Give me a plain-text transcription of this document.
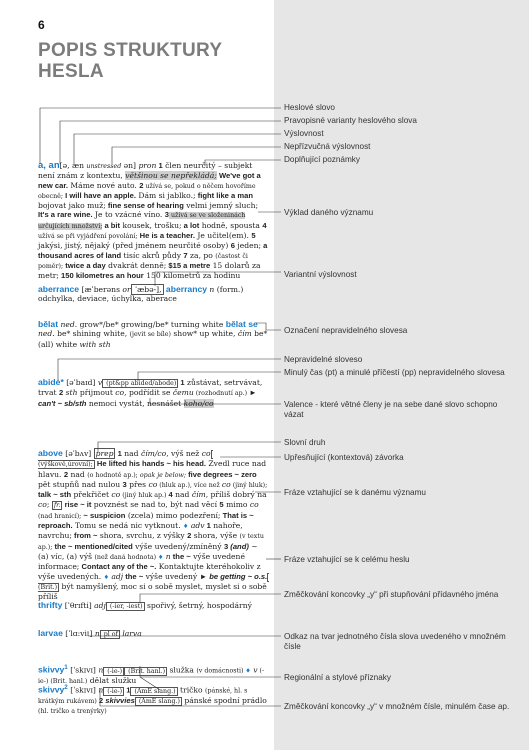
6
POPIS STRUKTURY
HESLA

a, an[ə, æn unstressed ən] pron 1 člen neurčitý – subjekt není znám z kontextu, většinou se nepřekládá; We've got a new car. Máme nové auto. 2 užívá se, pokud o něčem hovoříme obecně; I will have an apple. Dám si jablko.; fight like a man bojovat jako muž; fine sense of hearing velmi jemný sluch; It's a rare wine. Je to vzácné víno. 3 užívá se ve složeninách určujících množství; a bit kousek, trošku; a lot hodně, spousta 4 užívá se při vyjádření povolání; He is a teacher. Je učitel(em). 5 jakýsi, jistý, nějaký (před jménem neurčité osoby) 6 jeden; a thousand acres of land tisíc akrů půdy 7 za, po (častost či poměr); twice a day dvakrát denně; $15 a metre 15 dolarů za metr; 150 kilometres an hour 150 kilometrů za hodinu

aberrance [æˈberəns or ˈæbə-], aberrancy n (form.) odchylka, deviace, úchylka, aberace

bělat ned. grow*/be* growing/be* turning white bělat se ned. be* shining white, (jevit se bíle) show* up white, čím be* (all) white with sth

abide* [əˈbaɪd] v (pt&pp abided/abode) 1 zůstávat, setrvávat, trvat 2 sth přijmout co, podřídit se čemu (rozhodnutí ap.) ► can't ~ sb/sth nemoci vystát, nesnášet koho/co

above [əˈbʌv] prep 1 nad čím/co, výš než co (výškově,úrovní); He lifted his hands ~ his head. Zvedl ruce nad hlavu. 2 nad (o hodnotě ap.); opak je below; five degrees ~ zero pět stupňů nad nulou 3 přes co (hluk ap.), více než co (jiný hluk); talk ~ sth překřičet co (jiný hluk ap.) 4 nad čím, příliš dobrý na co; fr. rise ~ it povznést se nad to, být nad věcí 5 mimo co (nad hranicí); ~ suspicion (zcela) mimo podezření; That is ~ reproach. Tomu se nedá nic vytknout. ♦ adv 1 nahoře, navrchu; from ~ shora, svrchu, z výšky 2 shora, výše (v textu ap.); the ~ mentioned/cited výše uvedený/zmíněný 3 (and) ~ (a) víc, (a) výš (než daná hodnota) ♦ n the ~ výše uvedené informace; Contact any of the ~. Kontaktujte kteréhokoliv z výše uvedených. ♦ adj the ~ výše uvedený ► be getting ~ o.s. (Brit.) být namyšlený, moc si o sobě myslet, myslet si o sobě příliš

thrifty [ˈθrɪfti] adj (-ier, -iest) spořivý, šetrný, hospodárný

larvae [ˈlɑ:vi:] n pl of larva

skivvy$^1$ [ˈskɪvɪ] n (-ie-) (Brit. hanl.) služka (v domácnosti) ♦ v (-ie-) (Brit. hanl.) dělat služku

skivvy$^2$ [ˈskɪvɪ] n (-ie-) 1 (AmE slang.) tričko (pánské, hl. s krátkým rukávem) 2 skivvies (AmE slang.) pánské spodní prádlo (hl. tričko a trenýrky)

Heslové slovo
Pravopisné varianty heslového slova
Výslovnost
Nepřízvučná výslovnost
Doplňující poznámky
Výklad daného významu
Variantní výslovnost
Označení nepravidelného slovesa
Nepravidelné sloveso
Minulý čas (pt) a minulé příčestí (pp) nepravidelného slovesa
Valence - které větné členy je na sebe dané slovo schopno vázat
Slovní druh
Upřesňující (kontextová) závorka
Fráze vztahující se k danému významu
Fráze vztahující se k celému heslu
Změčkování koncovky „y“ při stupňování přídavného jména
Odkaz na tvar jednotného čísla slova uvedeného v množném čísle
Regionální a stylové příznaky
Změčkování koncovky „y“ v množném čísle, minulém čase ap.
